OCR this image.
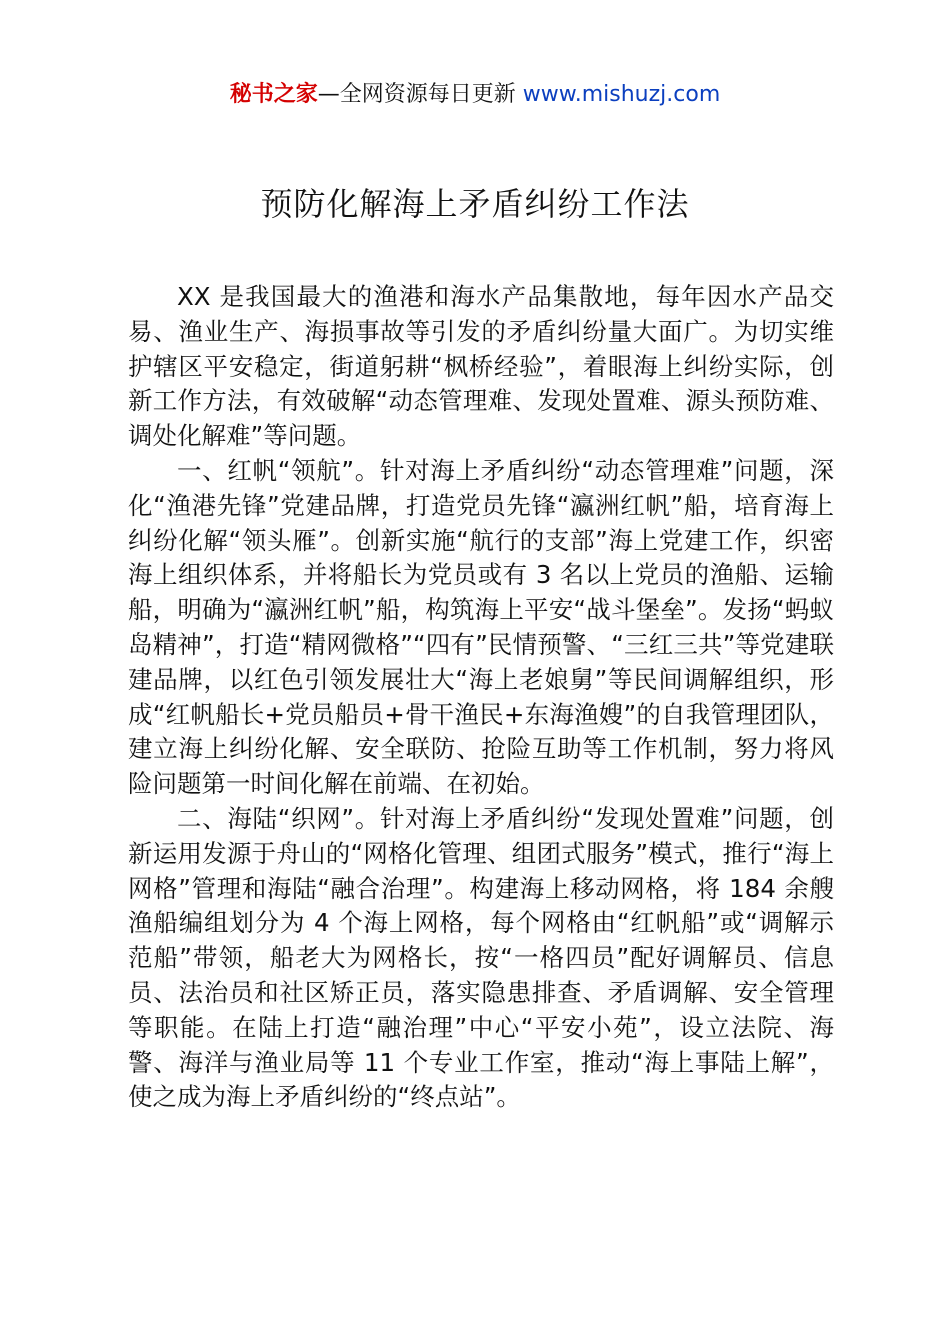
秘书之家—全网资源每日更新 www.mishuzj.com
预防化解海上矛盾纠纷工作法

XX 是我国最大的渔港和海水产品集散地，每年因水产品交易、渔业生产、海损事故等引发的矛盾纠纷量大面广。为切实维护辖区平安稳定，街道躬耕“枫桥经验”，着眼海上纠纷实际，创新工作方法，有效破解“动态管理难、发现处置难、源头预防难、调处化解难”等问题。

一、红帆“领航”。针对海上矛盾纠纷“动态管理难”问题，深化“渔港先锋”党建品牌，打造党员先锋“瀛洲红帆”船，培育海上纠纷化解“领头雁”。创新实施“航行的支部”海上党建工作，织密海上组织体系，并将船长为党员或有 3 名以上党员的渔船、运输船，明确为“瀛洲红帆”船，构筑海上平安“战斗堡垒”。发扬“蚂蚁岛精神”，打造“精网微格”“四有”民情预警、“三红三共”等党建联建品牌，以红色引领发展壮大“海上老娘舅”等民间调解组织，形成“红帆船长+党员船员+骨干渔民+东海渔嫂”的自我管理团队，建立海上纠纷化解、安全联防、抢险互助等工作机制，努力将风险问题第一时间化解在前端、在初始。

二、海陆“织网”。针对海上矛盾纠纷“发现处置难”问题，创新运用发源于舟山的“网格化管理、组团式服务”模式，推行“海上网格”管理和海陆“融合治理”。构建海上移动网格，将 184 余艘渔船编组划分为 4 个海上网格，每个网格由“红帆船”或“调解示范船”带领，船老大为网格长，按“一格四员”配好调解员、信息员、法治员和社区矫正员，落实隐患排查、矛盾调解、安全管理等职能。在陆上打造“融治理”中心“平安小苑”，设立法院、海警、海洋与渔业局等 11 个专业工作室，推动“海上事陆上解”，使之成为海上矛盾纠纷的“终点站”。
